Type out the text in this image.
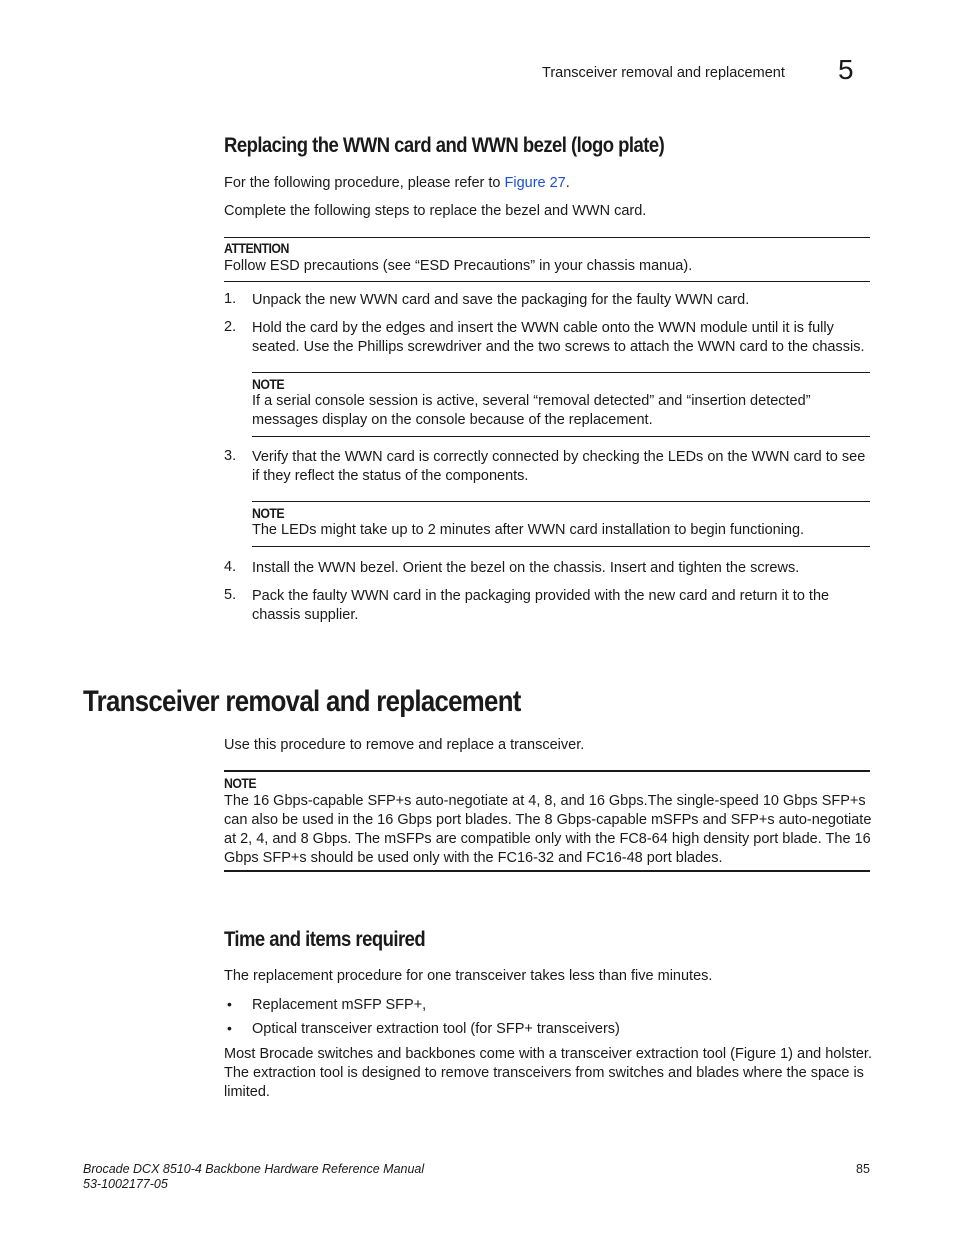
Transceiver removal and replacement 5
Replacing the WWN card and WWN bezel (logo plate)
For the following procedure, please refer to Figure 27.
Complete the following steps to replace the bezel and WWN card.
ATTENTION
Follow ESD precautions (see “ESD Precautions” in your chassis manua).
1. Unpack the new WWN card and save the packaging for the faulty WWN card.
2. Hold the card by the edges and insert the WWN cable onto the WWN module until it is fully seated. Use the Phillips screwdriver and the two screws to attach the WWN card to the chassis.
NOTE
If a serial console session is active, several “removal detected” and “insertion detected” messages display on the console because of the replacement.
3. Verify that the WWN card is correctly connected by checking the LEDs on the WWN card to see if they reflect the status of the components.
NOTE
The LEDs might take up to 2 minutes after WWN card installation to begin functioning.
4. Install the WWN bezel. Orient the bezel on the chassis. Insert and tighten the screws.
5. Pack the faulty WWN card in the packaging provided with the new card and return it to the chassis supplier.
Transceiver removal and replacement
Use this procedure to remove and replace a transceiver.
NOTE
The 16 Gbps-capable SFP+s auto-negotiate at 4, 8, and 16 Gbps.The single-speed 10 Gbps SFP+s can also be used in the 16 Gbps port blades. The 8 Gbps-capable mSFPs and SFP+s auto-negotiate at 2, 4, and 8 Gbps. The mSFPs are compatible only with the FC8-64 high density port blade. The 16 Gbps SFP+s should be used only with the FC16-32 and FC16-48 port blades.
Time and items required
The replacement procedure for one transceiver takes less than five minutes.
• Replacement mSFP SFP+,
• Optical transceiver extraction tool (for SFP+ transceivers)
Most Brocade switches and backbones come with a transceiver extraction tool (Figure 1) and holster. The extraction tool is designed to remove transceivers from switches and blades where the space is limited.
Brocade DCX 8510-4 Backbone Hardware Reference Manual
53-1002177-05
85
